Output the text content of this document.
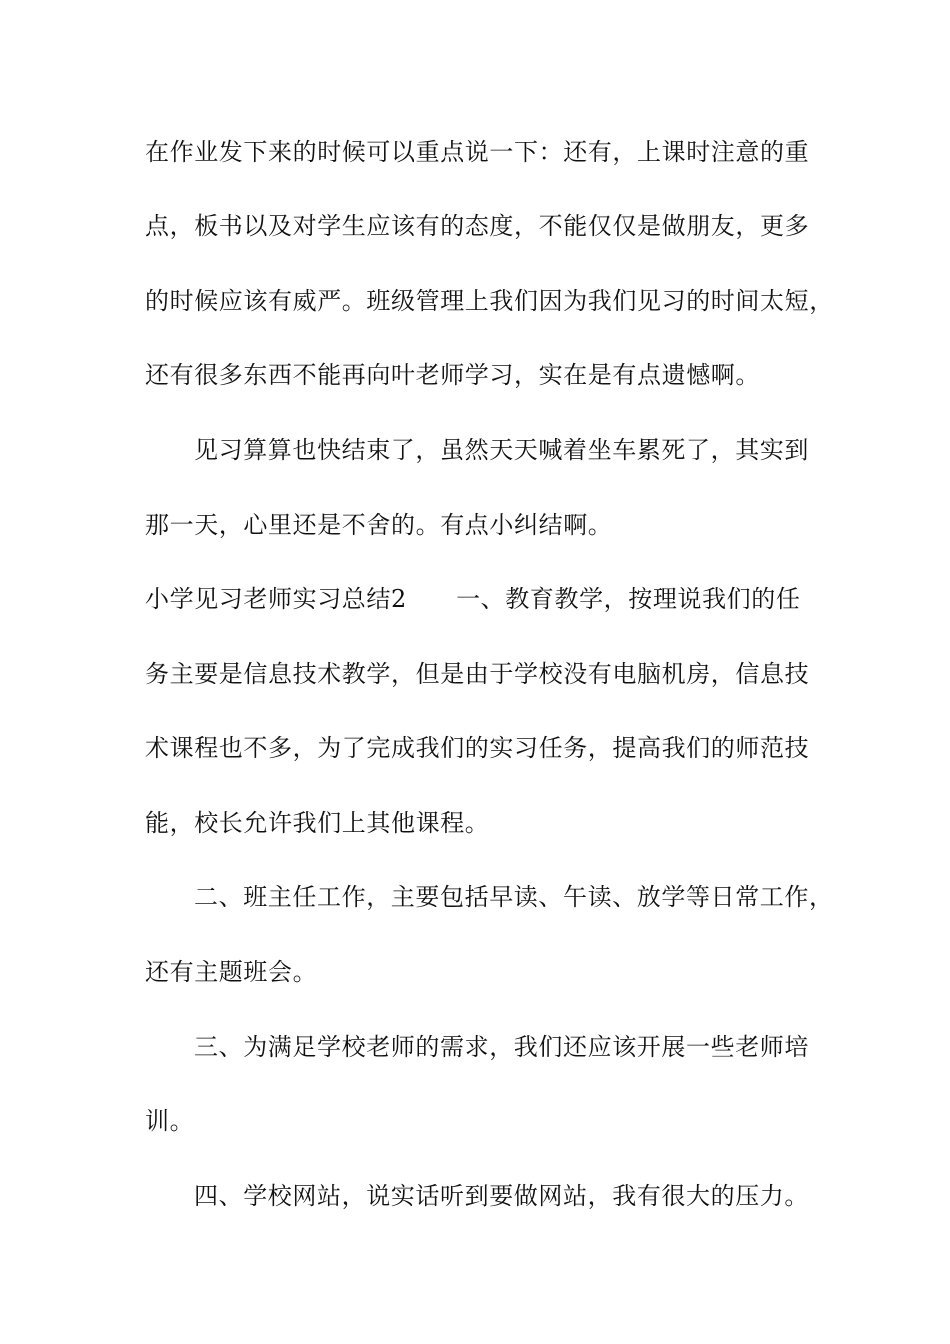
在作业发下来的时候可以重点说一下：还有，上课时注意的重
点，板书以及对学生应该有的态度，不能仅仅是做朋友，更多
的时候应该有威严。班级管理上我们因为我们见习的时间太短，
还有很多东西不能再向叶老师学习，实在是有点遗憾啊。
见习算算也快结束了，虽然天天喊着坐车累死了，其实到
那一天，心里还是不舍的。有点小纠结啊。
小学见习老师实习总结2　　一、教育教学，按理说我们的任
务主要是信息技术教学，但是由于学校没有电脑机房，信息技
术课程也不多，为了完成我们的实习任务，提高我们的师范技
能，校长允许我们上其他课程。
二、班主任工作，主要包括早读、午读、放学等日常工作，
还有主题班会。
三、为满足学校老师的需求，我们还应该开展一些老师培
训。
四、学校网站，说实话听到要做网站，我有很大的压力。
